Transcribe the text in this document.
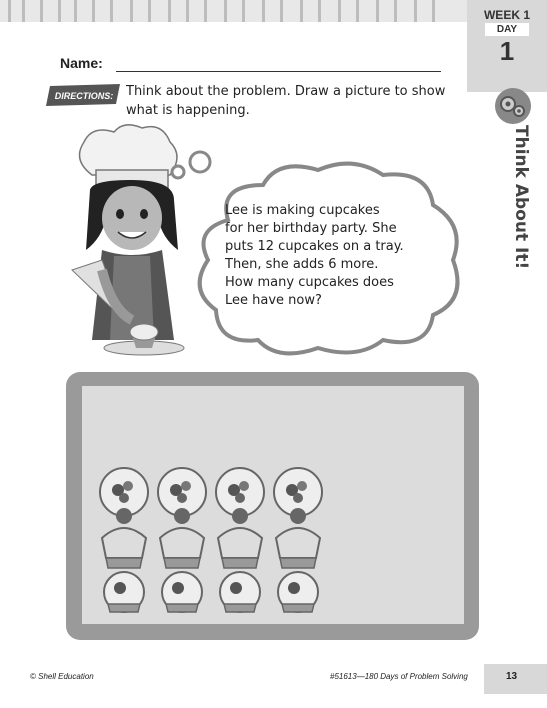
WEEK 1
DAY
1
Think About It!
Name:
DIRECTIONS: Think about the problem. Draw a picture to show what is happening.
Lee is making cupcakes
for her birthday party. She
puts 12 cupcakes on a tray.
Then, she adds 6 more.
How many cupcakes does
Lee have now?
© Shell Education	#51613—180 Days of Problem Solving	13
